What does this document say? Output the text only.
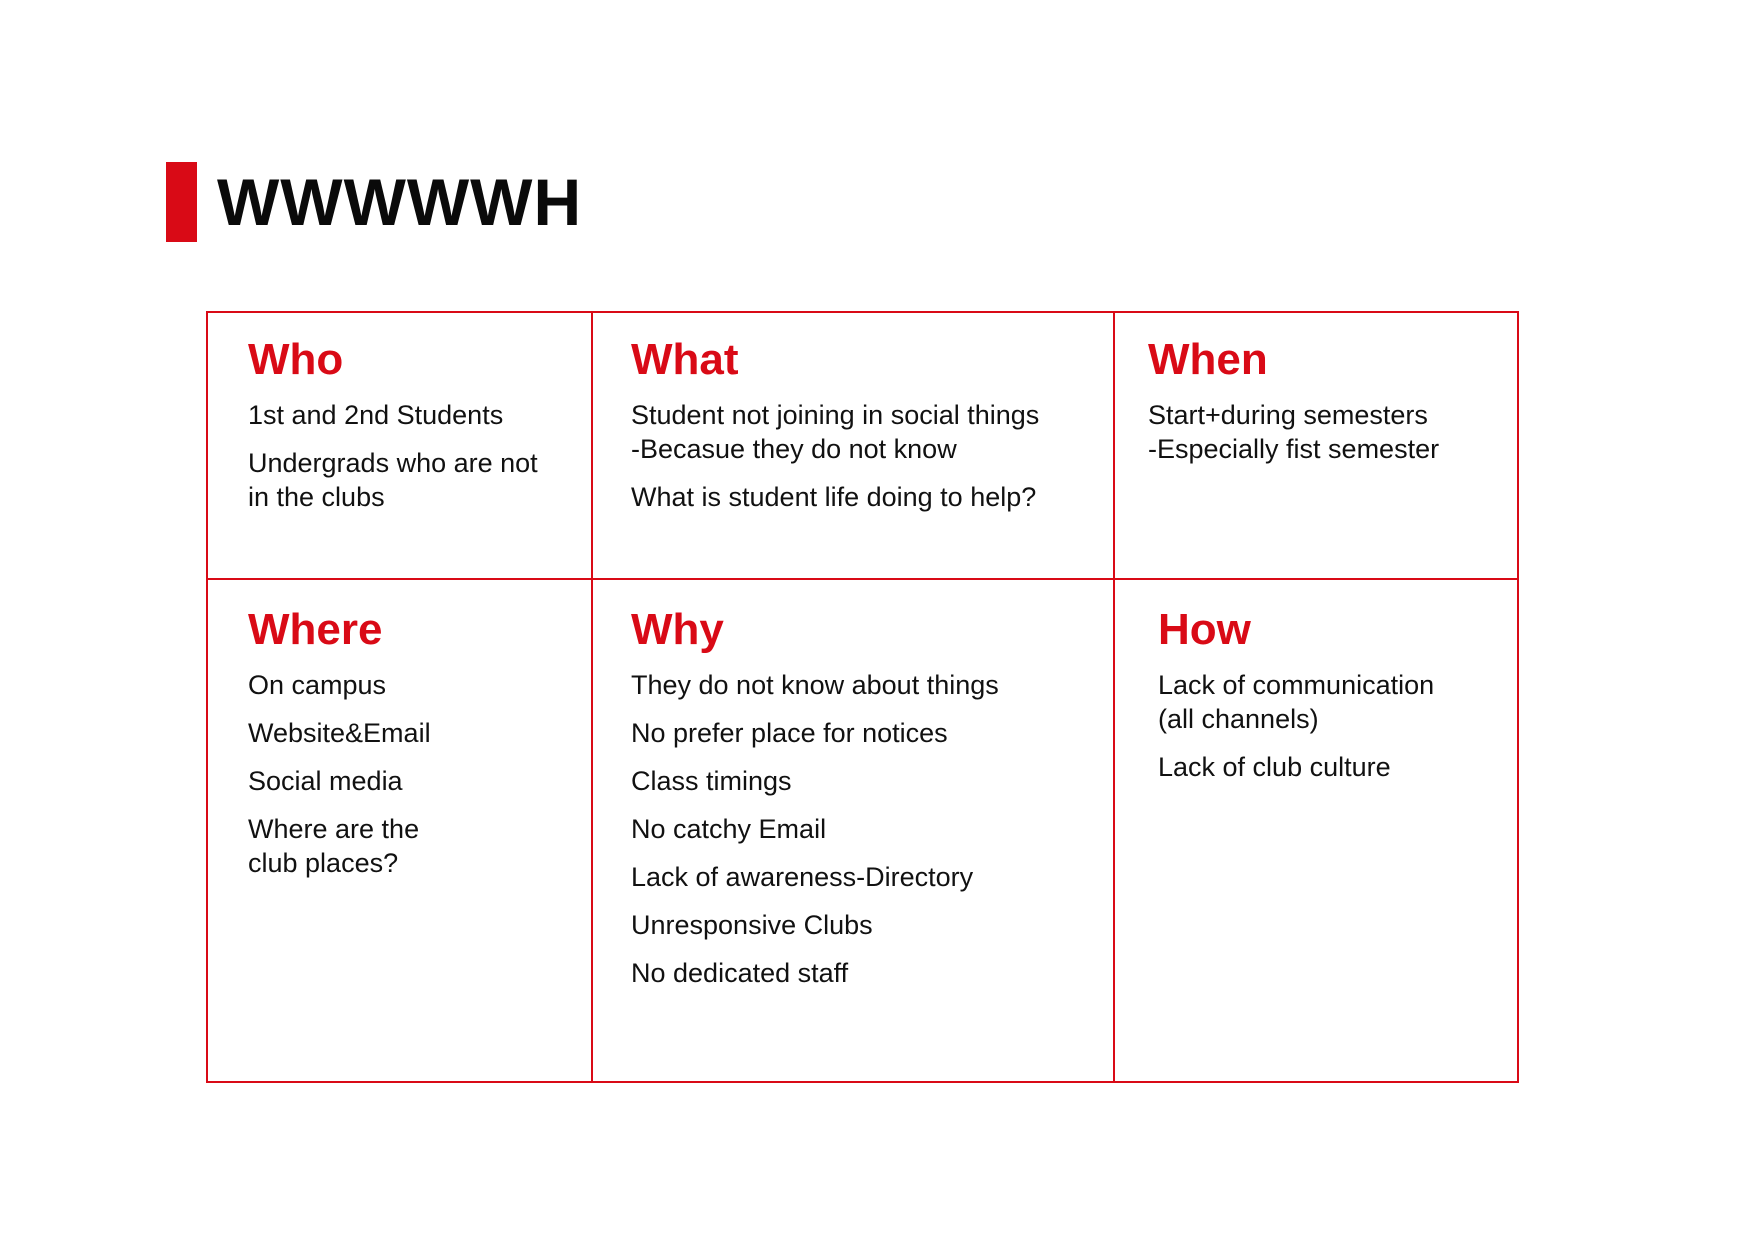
WWWWWH
Who
1st and 2nd Students
Undergrads who are not
in the clubs
What
Student not joining in social things
-Becasue they do not know
What is student life doing to help?
When
Start+during semesters
-Especially fist semester
Where
On campus
Website&Email
Social media
Where are the
club places?
Why
They do not know about things
No prefer place for notices
Class timings
No catchy Email
Lack of awareness-Directory
Unresponsive Clubs
No dedicated staff
How
Lack of communication
(all channels)
Lack of club culture
